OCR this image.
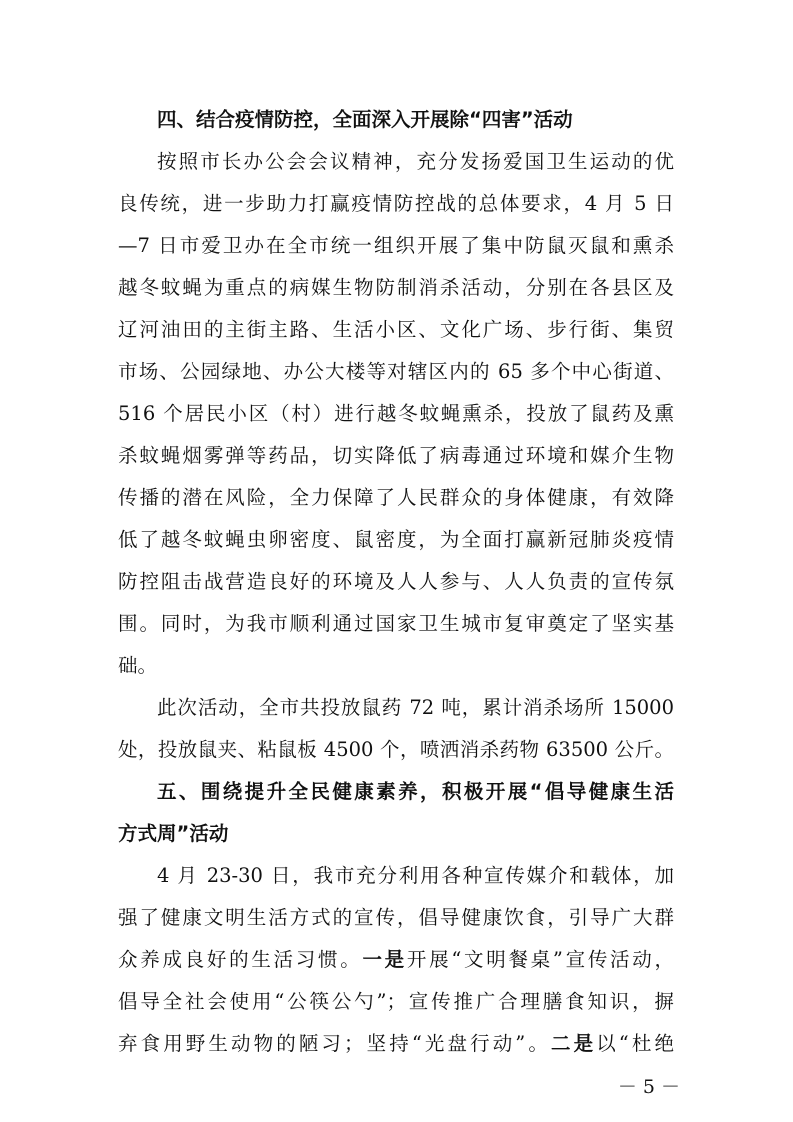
四、结合疫情防控，全面深入开展除“四害”活动
按照市长办公会会议精神，充分发扬爱国卫生运动的优
良传统，进一步助力打赢疫情防控战的总体要求，4 月 5 日
—7 日市爱卫办在全市统一组织开展了集中防鼠灭鼠和熏杀
越冬蚊蝇为重点的病媒生物防制消杀活动，分别在各县区及
辽河油田的主街主路、生活小区、文化广场、步行街、集贸
市场、公园绿地、办公大楼等对辖区内的 65 多个中心街道、
516 个居民小区（村）进行越冬蚊蝇熏杀，投放了鼠药及熏
杀蚊蝇烟雾弹等药品，切实降低了病毒通过环境和媒介生物
传播的潜在风险，全力保障了人民群众的身体健康，有效降
低了越冬蚊蝇虫卵密度、鼠密度，为全面打赢新冠肺炎疫情
防控阻击战营造良好的环境及人人参与、人人负责的宣传氛
围。同时，为我市顺利通过国家卫生城市复审奠定了坚实基
础。
此次活动，全市共投放鼠药 72 吨，累计消杀场所 15000
处，投放鼠夹、粘鼠板 4500 个，喷洒消杀药物 63500 公斤。
五、围绕提升全民健康素养，积极开展“倡导健康生活
方式周”活动
4 月 23-30 日，我市充分利用各种宣传媒介和载体，加
强了健康文明生活方式的宣传，倡导健康饮食，引导广大群
众养成良好的生活习惯。一是开展“文明餐桌”宣传活动，
倡导全社会使用“公筷公勺”；宣传推广合理膳食知识，摒
弃食用野生动物的陋习；坚持“光盘行动”。二是以“杜绝
－ 5 －
